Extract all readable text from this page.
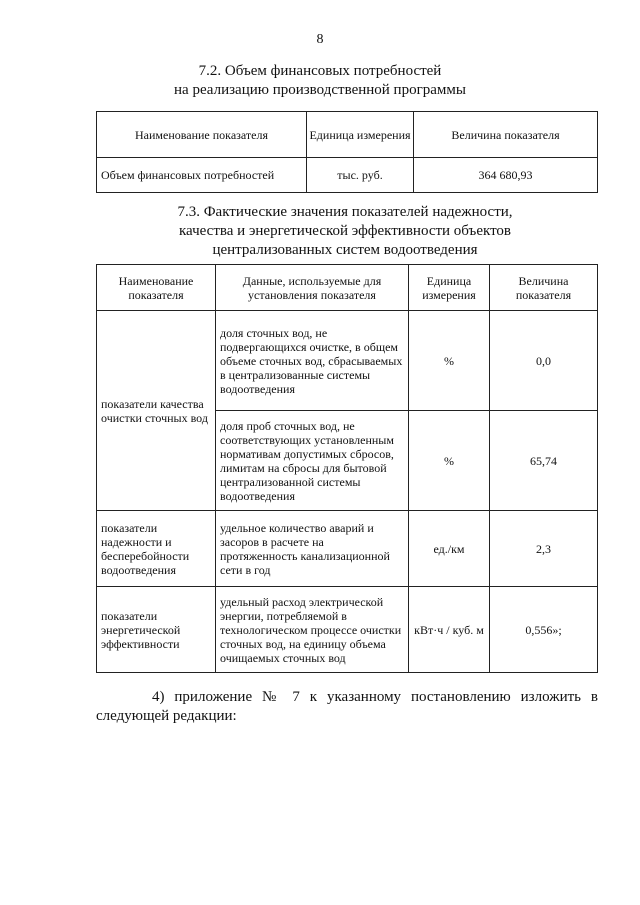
8
7.2. Объем финансовых потребностей
на реализацию производственной программы
Наименование показателя	Единица измерения	Величина показателя
Объем финансовых потребностей	тыс. руб.	364 680,93
7.3. Фактические значения показателей надежности,
качества и энергетической эффективности объектов
централизованных систем водоотведения
Наименование показателя	Данные, используемые для установления показателя	Единица измерения	Величина показателя
показатели качества очистки сточных вод	доля сточных вод, не подвергающихся очистке, в общем объеме сточных вод, сбрасываемых в централизованные системы водоотведения	%	0,0
	доля проб сточных вод, не соответствующих установленным нормативам допустимых сбросов, лимитам на сбросы для бытовой централизованной системы водоотведения	%	65,74
показатели надежности и бесперебойности водоотведения	удельное количество аварий и засоров в расчете на протяженность канализационной сети в год	ед./км	2,3
показатели энергетической эффективности	удельный расход электрической энергии, потребляемой в технологическом процессе очистки сточных вод, на единицу объема очищаемых сточных вод	кВт·ч / куб. м	0,556»;
4) приложение № 7 к указанному постановлению изложить в
следующей редакции:
